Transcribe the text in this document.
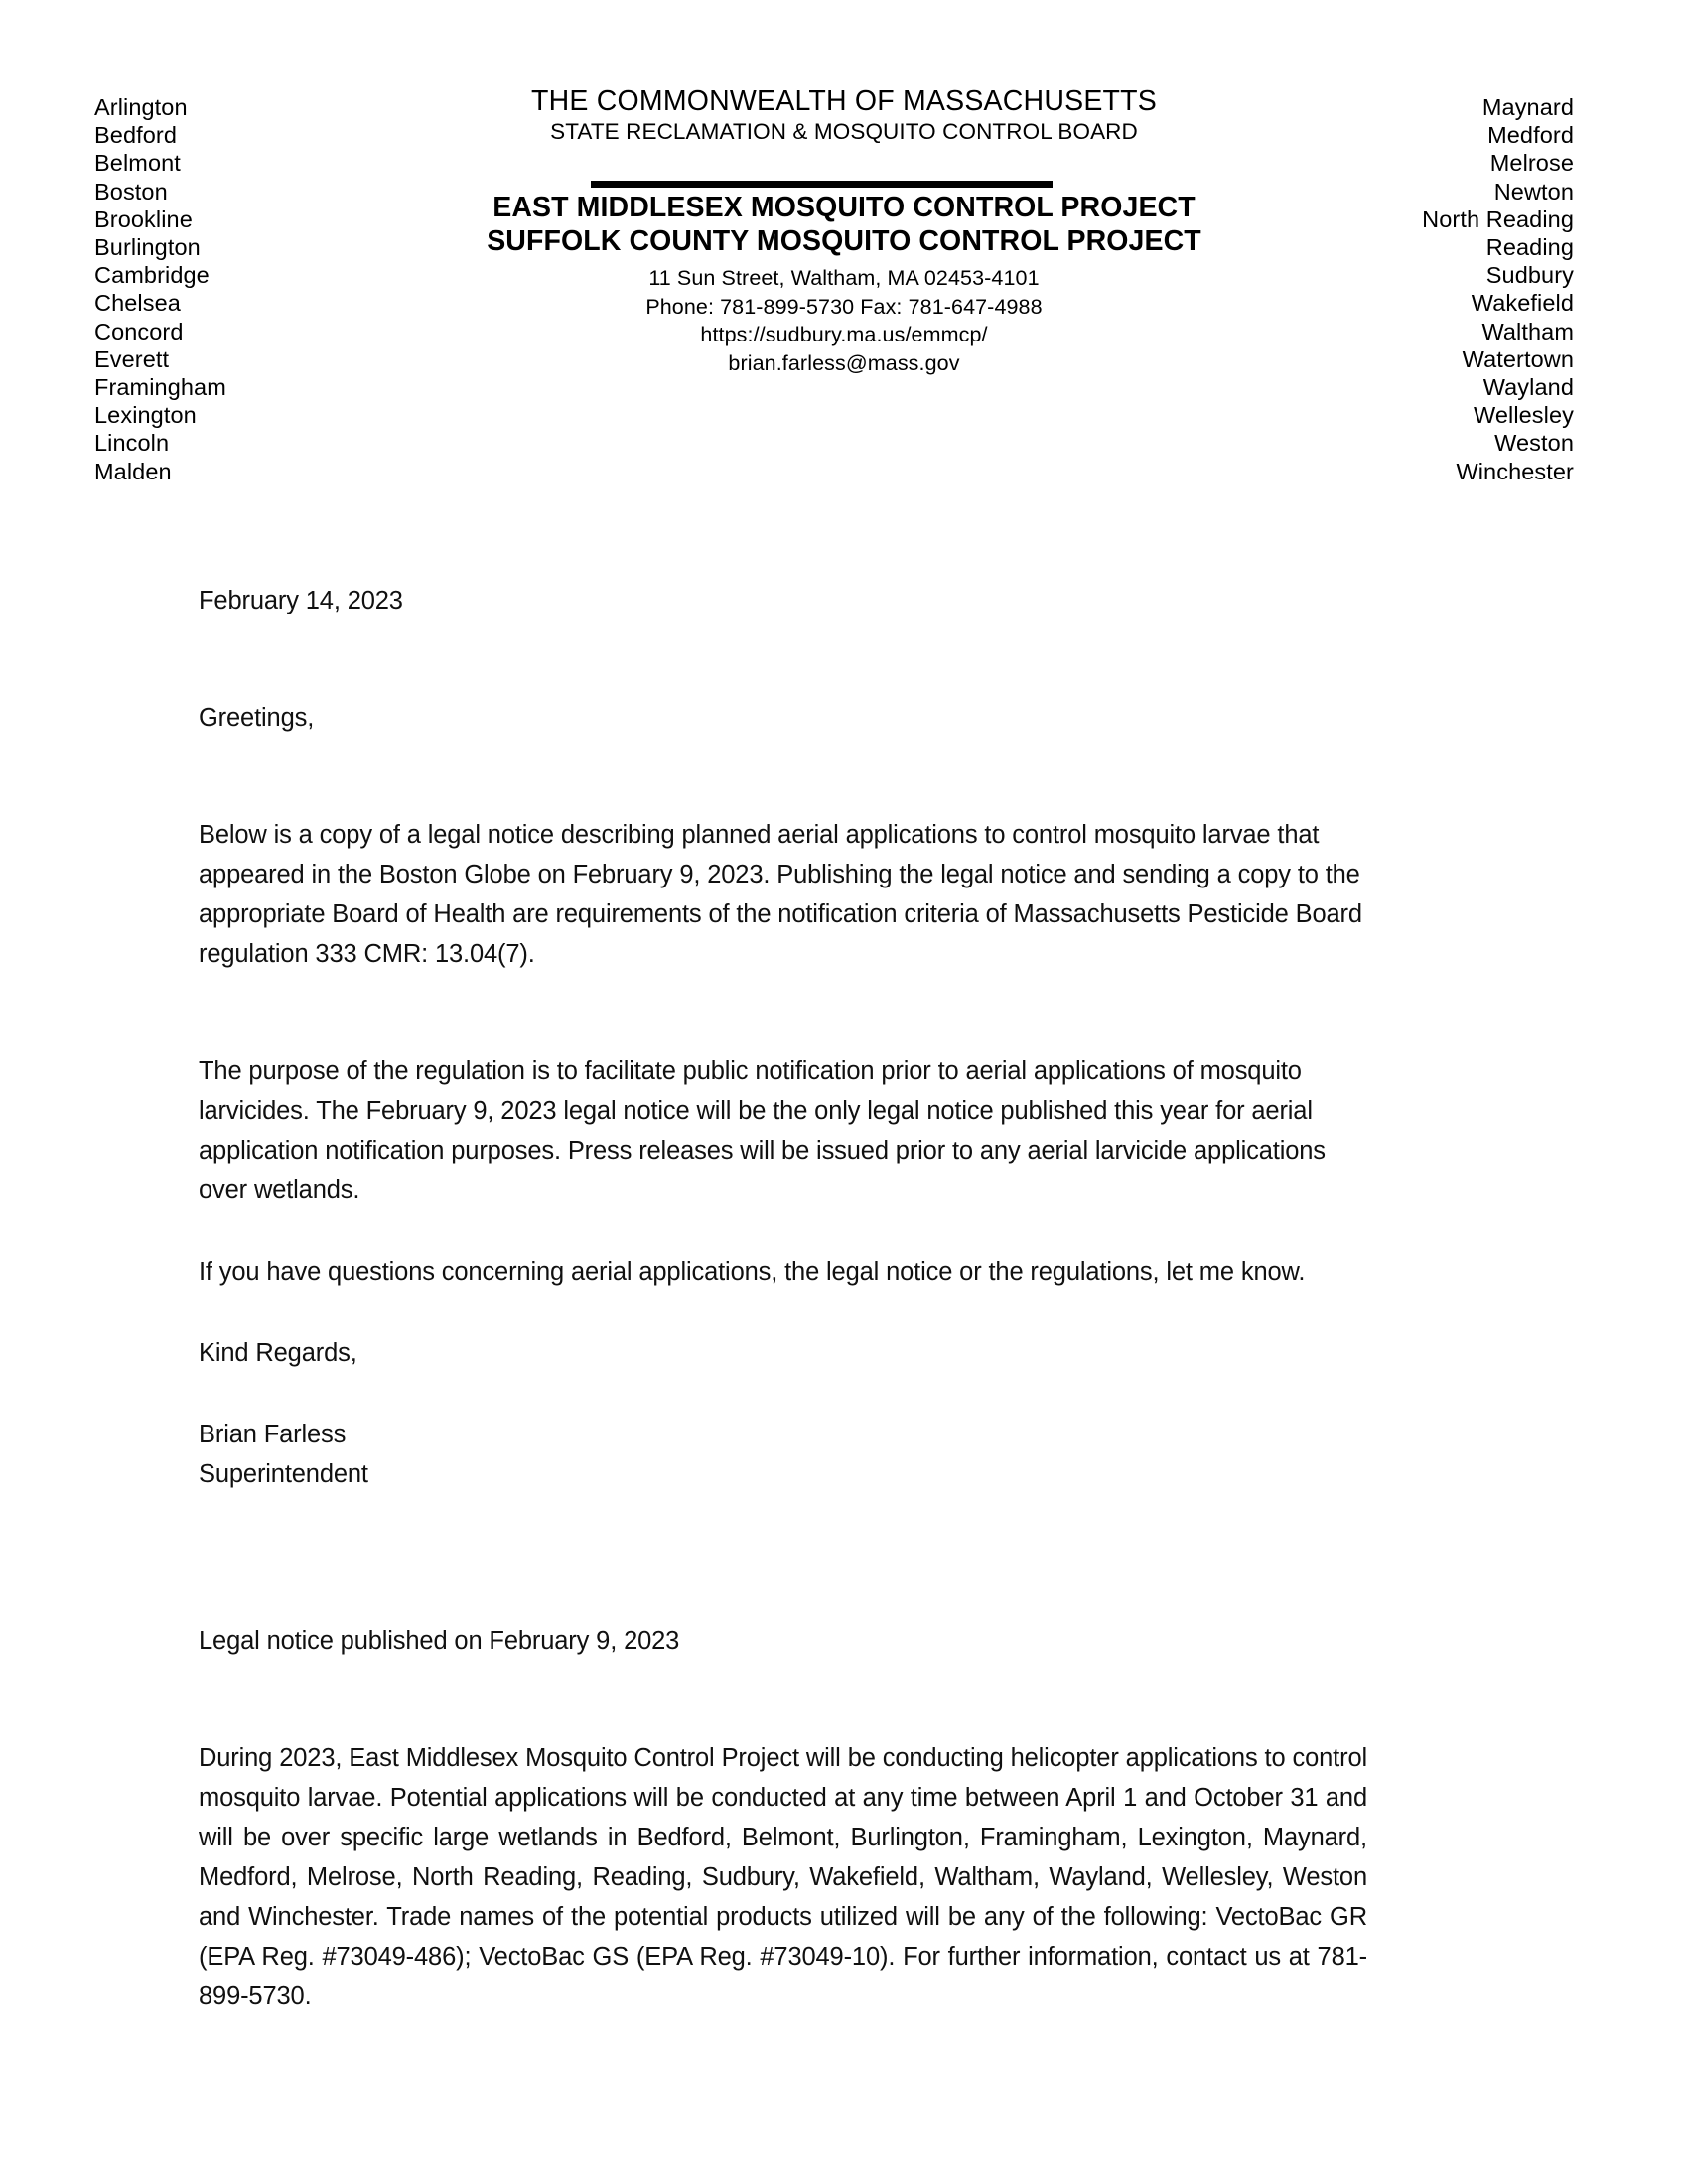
Arlington
Bedford
Belmont
Boston
Brookline
Burlington
Cambridge
Chelsea
Concord
Everett
Framingham
Lexington
Lincoln
Malden
Maynard
Medford
Melrose
Newton
North Reading
Reading
Sudbury
Wakefield
Waltham
Watertown
Wayland
Wellesley
Weston
Winchester
THE COMMONWEALTH OF MASSACHUSETTS
STATE RECLAMATION & MOSQUITO CONTROL BOARD
EAST MIDDLESEX MOSQUITO CONTROL PROJECT
SUFFOLK COUNTY MOSQUITO CONTROL PROJECT
11 Sun Street, Waltham, MA 02453-4101
Phone: 781-899-5730 Fax: 781-647-4988
https://sudbury.ma.us/emmcp/
brian.farless@mass.gov

February 14, 2023

Greetings,

Below is a copy of a legal notice describing planned aerial applications to control mosquito larvae that appeared in the Boston Globe on February 9, 2023. Publishing the legal notice and sending a copy to the appropriate Board of Health are requirements of the notification criteria of Massachusetts Pesticide Board regulation 333 CMR: 13.04(7).

The purpose of the regulation is to facilitate public notification prior to aerial applications of mosquito larvicides. The February 9, 2023 legal notice will be the only legal notice published this year for aerial application notification purposes. Press releases will be issued prior to any aerial larvicide applications over wetlands.

If you have questions concerning aerial applications, the legal notice or the regulations, let me know.

Kind Regards,

Brian Farless

Superintendent

Legal notice published on February 9, 2023

During 2023, East Middlesex Mosquito Control Project will be conducting helicopter applications to control mosquito larvae. Potential applications will be conducted at any time between April 1 and October 31 and will be over specific large wetlands in Bedford, Belmont, Burlington, Framingham, Lexington, Maynard, Medford, Melrose, North Reading, Reading, Sudbury, Wakefield, Waltham, Wayland, Wellesley, Weston and Winchester. Trade names of the potential products utilized will be any of the following: VectoBac GR (EPA Reg. #73049-486); VectoBac GS (EPA Reg. #73049-10). For further information, contact us at 781-899-5730.
